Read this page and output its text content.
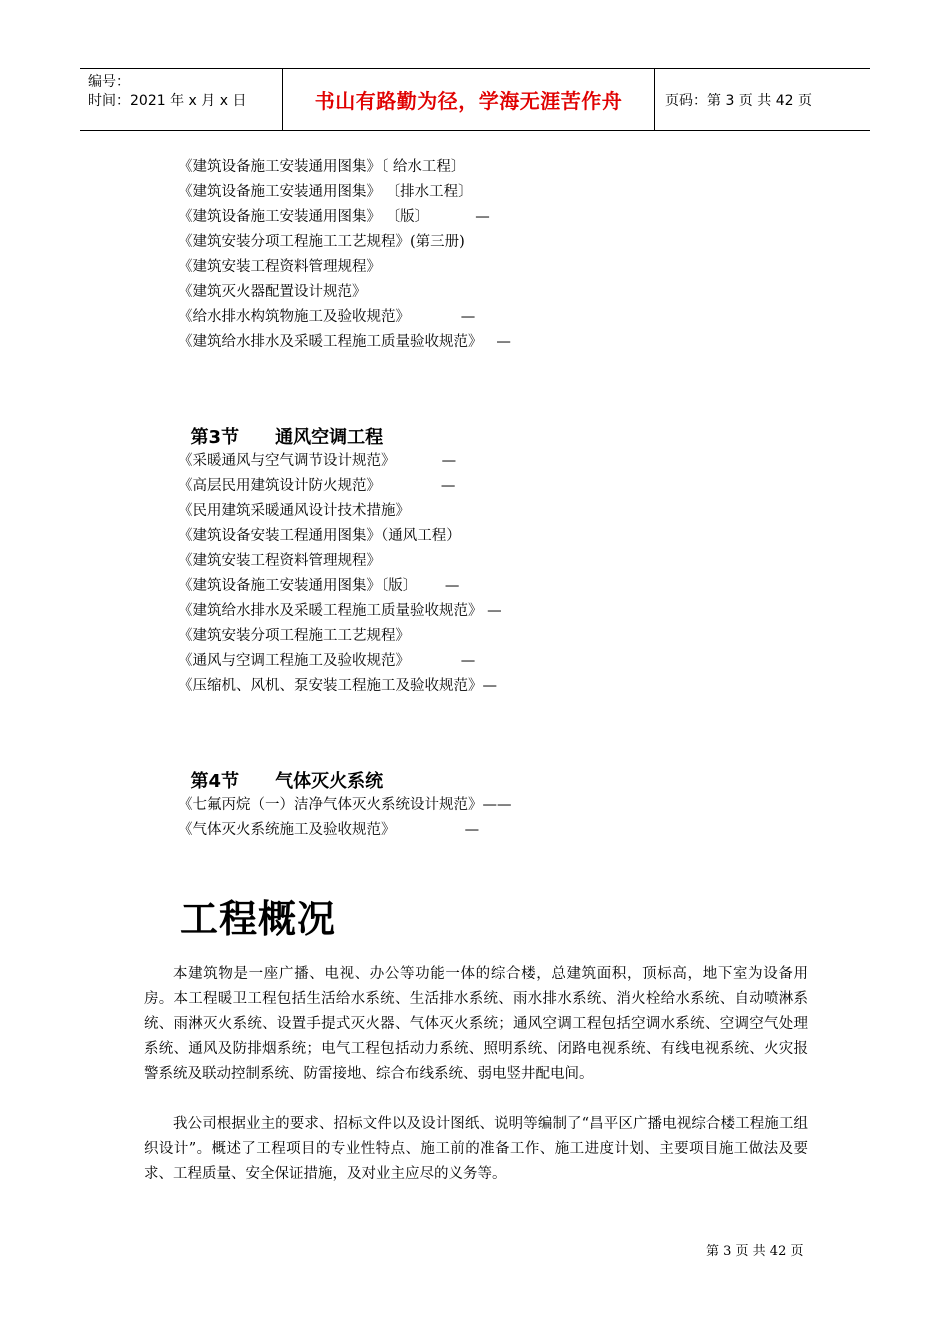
编号：
时间：2021 年 x 月 x 日	书山有路勤为径，学海无涯苦作舟	页码：第 3 页 共 42 页
《建筑设备施工安装通用图集》〔 给水工程〕
《建筑设备施工安装通用图集》 〔排水工程〕
《建筑设备施工安装通用图集》 〔版〕          —
《建筑安装分项工程施工工艺规程》(第三册)
《建筑安装工程资料管理规程》
《建筑灭火器配置设计规范》
《给水排水构筑物施工及验收规范》           —
《建筑给水排水及采暖工程施工质量验收规范》   —

第3节 通风空调工程

《采暖通风与空气调节设计规范》          —
《高层民用建筑设计防火规范》             —
《民用建筑采暖通风设计技术措施》
《建筑设备安装工程通用图集》（通风工程）
《建筑安装工程资料管理规程》
《建筑设备施工安装通用图集》〔版〕      —
《建筑给水排水及采暖工程施工质量验收规范》 —
《建筑安装分项工程施工工艺规程》
《通风与空调工程施工及验收规范》           —
《压缩机、风机、泵安装工程施工及验收规范》—

第4节 气体灭火系统

《七氟丙烷（一）洁净气体灭火系统设计规范》——
《气体灭火系统施工及验收规范》               —
工程概况

本建筑物是一座广播、电视、办公等功能一体的综合楼，总建筑面积，顶标高，地下室为设备用房。本工程暖卫工程包括生活给水系统、生活排水系统、雨水排水系统、消火栓给水系统、自动喷淋系统、雨淋灭火系统、设置手提式灭火器、气体灭火系统；通风空调工程包括空调水系统、空调空气处理系统、通风及防排烟系统；电气工程包括动力系统、照明系统、闭路电视系统、有线电视系统、火灾报警系统及联动控制系统、防雷接地、综合布线系统、弱电竖井配电间。

我公司根据业主的要求、招标文件以及设计图纸、说明等编制了“昌平区广播电视综合楼工程施工组织设计”。概述了工程项目的专业性特点、施工前的准备工作、施工进度计划、主要项目施工做法及要求、工程质量、安全保证措施，及对业主应尽的义务等。

第 3 页 共 42 页
